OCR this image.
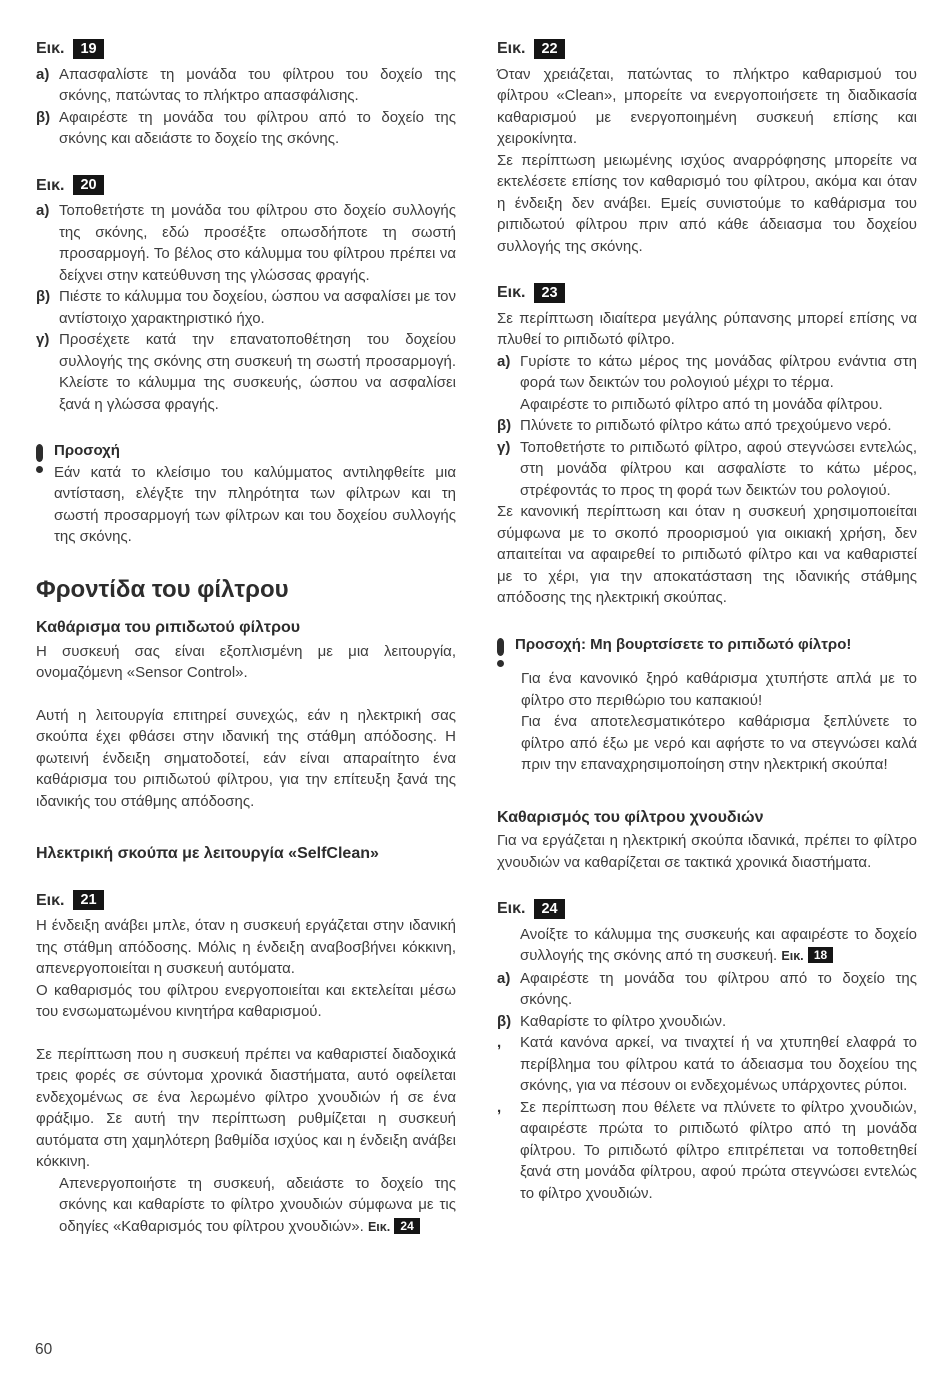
Εικ.	19
a) Απασφαλίστε τη μονάδα του φίλτρου του δοχείο της σκόνης, πατώντας το πλήκτρο απασφάλισης.
β) Αφαιρέστε τη μονάδα του φίλτρου από το δοχείο της σκόνης και αδειάστε το δοχείο της σκόνης.
Εικ.	20
a) Τοποθετήστε τη μονάδα του φίλτρου στο δοχείο συλλογής της σκόνης, εδώ προσέξτε οπωσδήποτε τη σωστή προσαρμογή. Το βέλος στο κάλυμμα του φίλτρου πρέπει να δείχνει στην κατεύθυνση της γλώσσας φραγής.
β) Πιέστε το κάλυμμα του δοχείου, ώσπου να ασφαλίσει με τον αντίστοιχο χαρακτηριστικό ήχο.
γ) Προσέχετε κατά την επανατοποθέτηση του δοχείου συλλογής της σκόνης στη συσκευή τη σωστή προσαρμογή. Κλείστε το κάλυμμα της συσκευής, ώσπου να ασφαλίσει ξανά η γλώσσα φραγής.
Προσοχή
Εάν κατά το κλείσιμο του καλύμματος αντιληφθείτε μια αντίσταση, ελέγξτε την πληρότητα των φίλτρων και τη σωστή προσαρμογή των φίλτρων και του δοχείου συλλογής της σκόνης.
Φροντίδα του φίλτρου
Καθάρισμα του ριπιδωτού φίλτρου
Η συσκευή σας είναι εξοπλισμένη με μια λειτουργία, ονομαζόμενη «Sensor Control».
Αυτή η λειτουργία επιτηρεί συνεχώς, εάν η ηλεκτρική σας σκούπα έχει φθάσει στην ιδανική της στάθμη απόδοσης. Η φωτεινή ένδειξη σηματοδοτεί, εάν είναι απαραίτητο ένα καθάρισμα του ριπιδωτού φίλτρου, για την επίτευξη ξανά της ιδανικής του στάθμης απόδοσης.
Ηλεκτρική σκούπα με λειτουργία «SelfClean»
Εικ.	21
Η ένδειξη ανάβει μπλε, όταν η συσκευή εργάζεται στην ιδανική της στάθμη απόδοσης. Μόλις η ένδειξη αναβοσβήνει κόκκινη, απενεργοποιείται η συσκευή αυτόματα.
Ο καθαρισμός του φίλτρου ενεργοποιείται και εκτελείται μέσω του ενσωματωμένου κινητήρα καθαρισμού.
Σε περίπτωση που η συσκευή πρέπει να καθαριστεί διαδοχικά τρεις φορές σε σύντομα χρονικά διαστήματα, αυτό οφείλεται ενδεχομένως σε ένα λερωμένο φίλτρο χνουδιών ή σε ένα φράξιμο. Σε αυτή την περίπτωση ρυθμίζεται η συσκευή αυτόματα στη χαμηλότερη βαθμίδα ισχύος και η ένδειξη ανάβει κόκκινη.
Απενεργοποιήστε τη συσκευή, αδειάστε το δοχείο της σκόνης και καθαρίστε το φίλτρο χνουδιών σύμφωνα με τις οδηγίες «Καθαρισμός του φίλτρου χνουδιών». Εικ. 24
Εικ.	22
Όταν χρειάζεται, πατώντας το πλήκτρο καθαρισμού του φίλτρου «Clean», μπορείτε να ενεργοποιήσετε τη διαδικασία καθαρισμού με ενεργοποιημένη συσκευή επίσης και χειροκίνητα.
Σε περίπτωση μειωμένης ισχύος αναρρόφησης μπορείτε να εκτελέσετε επίσης τον καθαρισμό του φίλτρου, ακόμα και όταν η ένδειξη δεν ανάβει. Εμείς συνιστούμε το καθάρισμα του ριπιδωτού φίλτρου πριν από κάθε άδειασμα του δοχείου συλλογής της σκόνης.
Εικ.	23
Σε περίπτωση ιδιαίτερα μεγάλης ρύπανσης μπορεί επίσης να πλυθεί το ριπιδωτό φίλτρο.
a) Γυρίστε το κάτω μέρος της μονάδας φίλτρου ενάντια στη φορά των δεικτών του ρολογιού μέχρι το τέρμα.
Αφαιρέστε το ριπιδωτό φίλτρο από τη μονάδα φίλτρου.
β) Πλύνετε το ριπιδωτό φίλτρο κάτω από τρεχούμενο νερό.
γ) Τοποθετήστε το ριπιδωτό φίλτρο, αφού στεγνώσει εντελώς, στη μονάδα φίλτρου και ασφαλίστε το κάτω μέρος, στρέφοντάς το προς τη φορά των δεικτών του ρολογιού.
Σε κανονική περίπτωση και όταν η συσκευή χρησιμοποιείται σύμφωνα με το σκοπό προορισμού για οικιακή χρήση, δεν απαιτείται να αφαιρεθεί το ριπιδωτό φίλτρο και να καθαριστεί με το χέρι, για την αποκατάσταση της ιδανικής στάθμης απόδοσης της ηλεκτρική σκούπας.
Προσοχή: Μη βουρτσίσετε το ριπιδωτό φίλτρο!
Για ένα κανονικό ξηρό καθάρισμα χτυπήστε απλά με το φίλτρο στο περιθώριο του καπακιού!
Για ένα αποτελεσματικότερο καθάρισμα ξεπλύνετε το φίλτρο από έξω με νερό και αφήστε το να στεγνώσει καλά πριν την επαναχρησιμοποίηση στην ηλεκτρική σκούπα!
Καθαρισμός του φίλτρου χνουδιών
Για να εργάζεται η ηλεκτρική σκούπα ιδανικά, πρέπει το φίλτρο χνουδιών να καθαρίζεται σε τακτικά χρονικά διαστήματα.
Εικ.	24
Ανοίξτε το κάλυμμα της συσκευής και αφαιρέστε το δοχείο συλλογής της σκόνης από τη συσκευή. Εικ. 18
a) Αφαιρέστε τη μονάδα του φίλτρου από το δοχείο της σκόνης.
β) Καθαρίστε το φίλτρο χνουδιών.
, Κατά κανόνα αρκεί, να τιναχτεί ή να χτυπηθεί ελαφρά το περίβλημα του φίλτρου κατά το άδειασμα του δοχείου της σκόνης, για να πέσουν οι ενδεχομένως υπάρχοντες ρύποι.
, Σε περίπτωση που θέλετε να πλύνετε το φίλτρο χνουδιών, αφαιρέστε πρώτα το ριπιδωτό φίλτρο από τη μονάδα φίλτρου. Το ριπιδωτό φίλτρο επιτρέπεται να τοποθετηθεί ξανά στη μονάδα φίλτρου, αφού πρώτα στεγνώσει εντελώς το φίλτρο χνουδιών.
60
